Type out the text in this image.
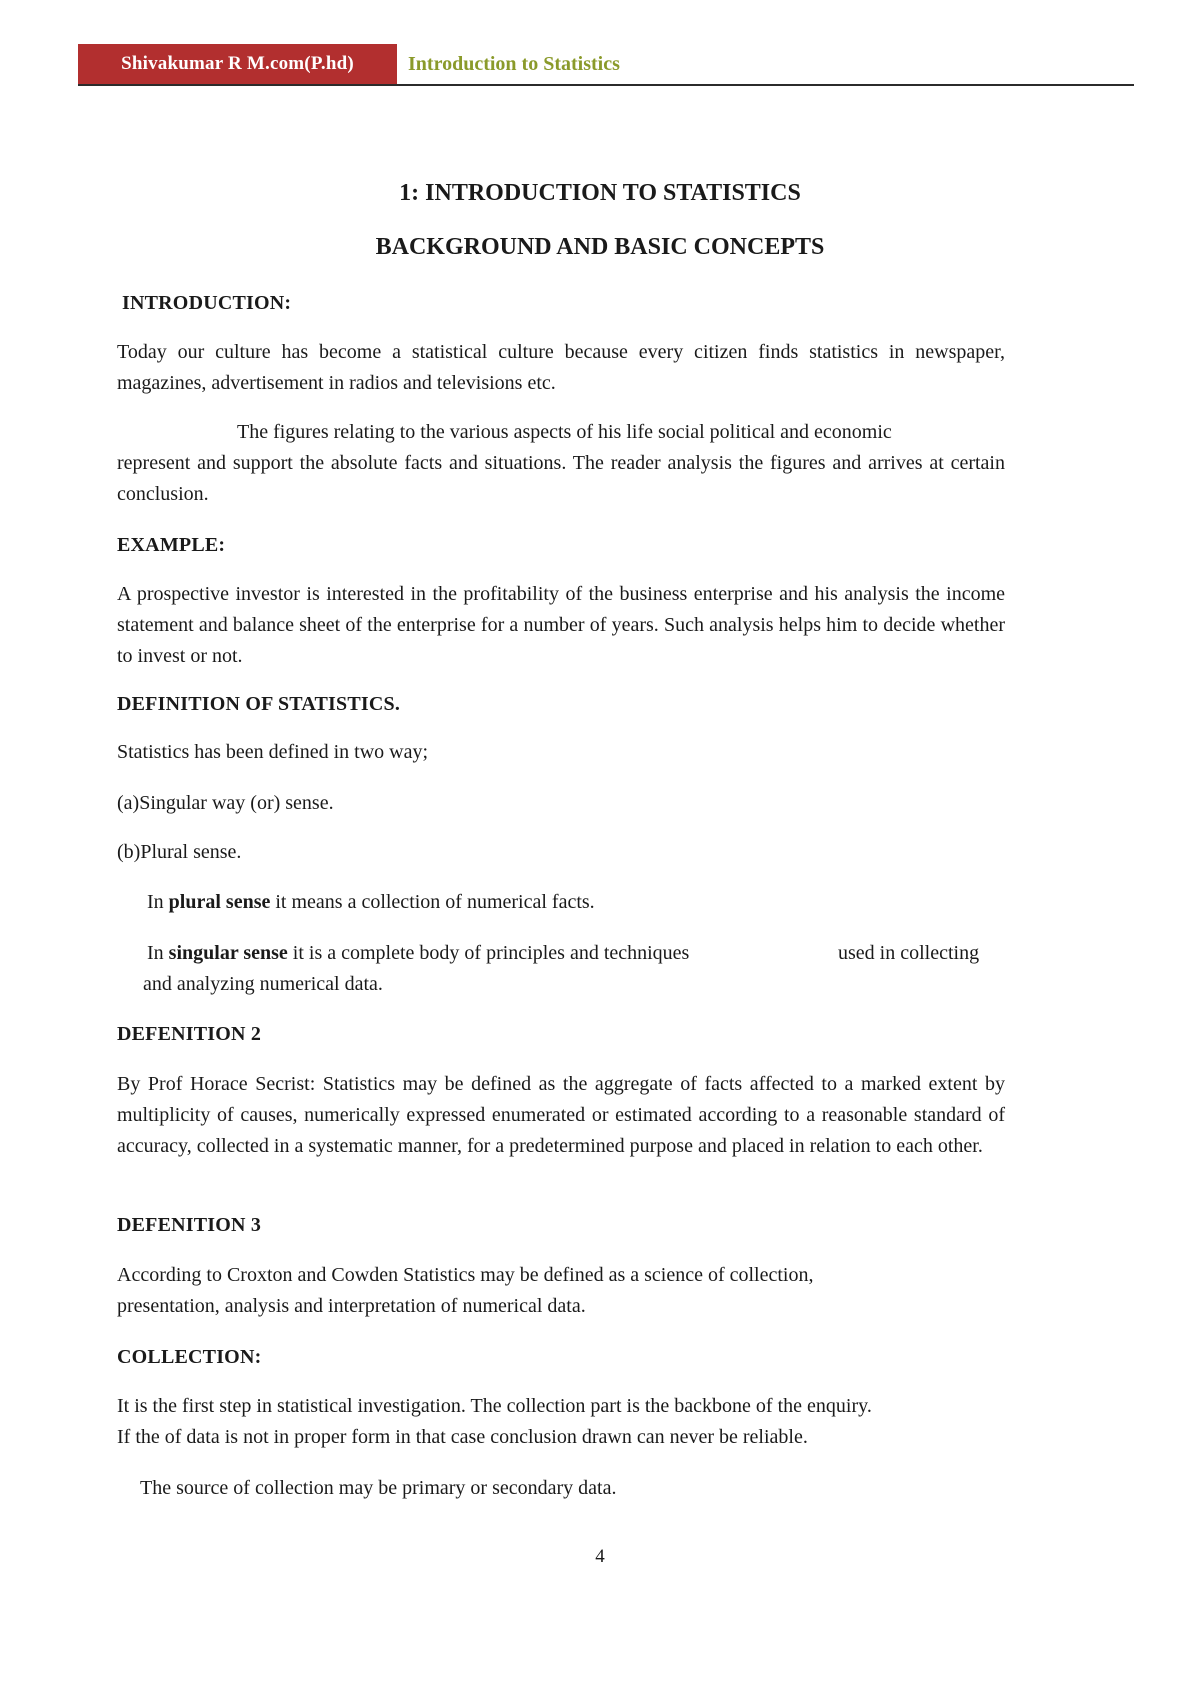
Shivakumar R M.com(P.hd)	Introduction to Statistics
1: INTRODUCTION TO STATISTICS
BACKGROUND AND BASIC CONCEPTS
INTRODUCTION:

Today our culture has become a statistical culture because every citizen finds statistics in newspaper, magazines, advertisement in radios and televisions etc.

The figures relating to the various aspects of his life social political and economic

represent and support the absolute facts and situations. The reader analysis the figures and arrives at certain conclusion.

EXAMPLE:

A prospective investor is interested in the profitability of the business enterprise and his analysis the income statement and balance sheet of the enterprise for a number of years. Such analysis helps him to decide whether to invest or not.

DEFINITION OF STATISTICS.

Statistics has been defined in two way;

(a)Singular way (or) sense.

(b)Plural sense.

In plural sense it means a collection of numerical facts.

In singular sense it is a complete body of principles and techniques	used in collecting

and analyzing numerical data.

DEFENITION 2

By Prof Horace Secrist: Statistics may be defined as the aggregate of facts affected to a marked extent by multiplicity of causes, numerically expressed enumerated or estimated according to a reasonable standard of accuracy, collected in a systematic manner, for a predetermined purpose and placed in relation to each other.

DEFENITION 3

According to Croxton and Cowden Statistics may be defined as a science of collection,

presentation, analysis and interpretation of numerical data.

COLLECTION:

It is the first step in statistical investigation. The collection part is the backbone of the enquiry.

If the of data is not in proper form in that case conclusion drawn can never be reliable.

The source of collection may be primary or secondary data.

4
